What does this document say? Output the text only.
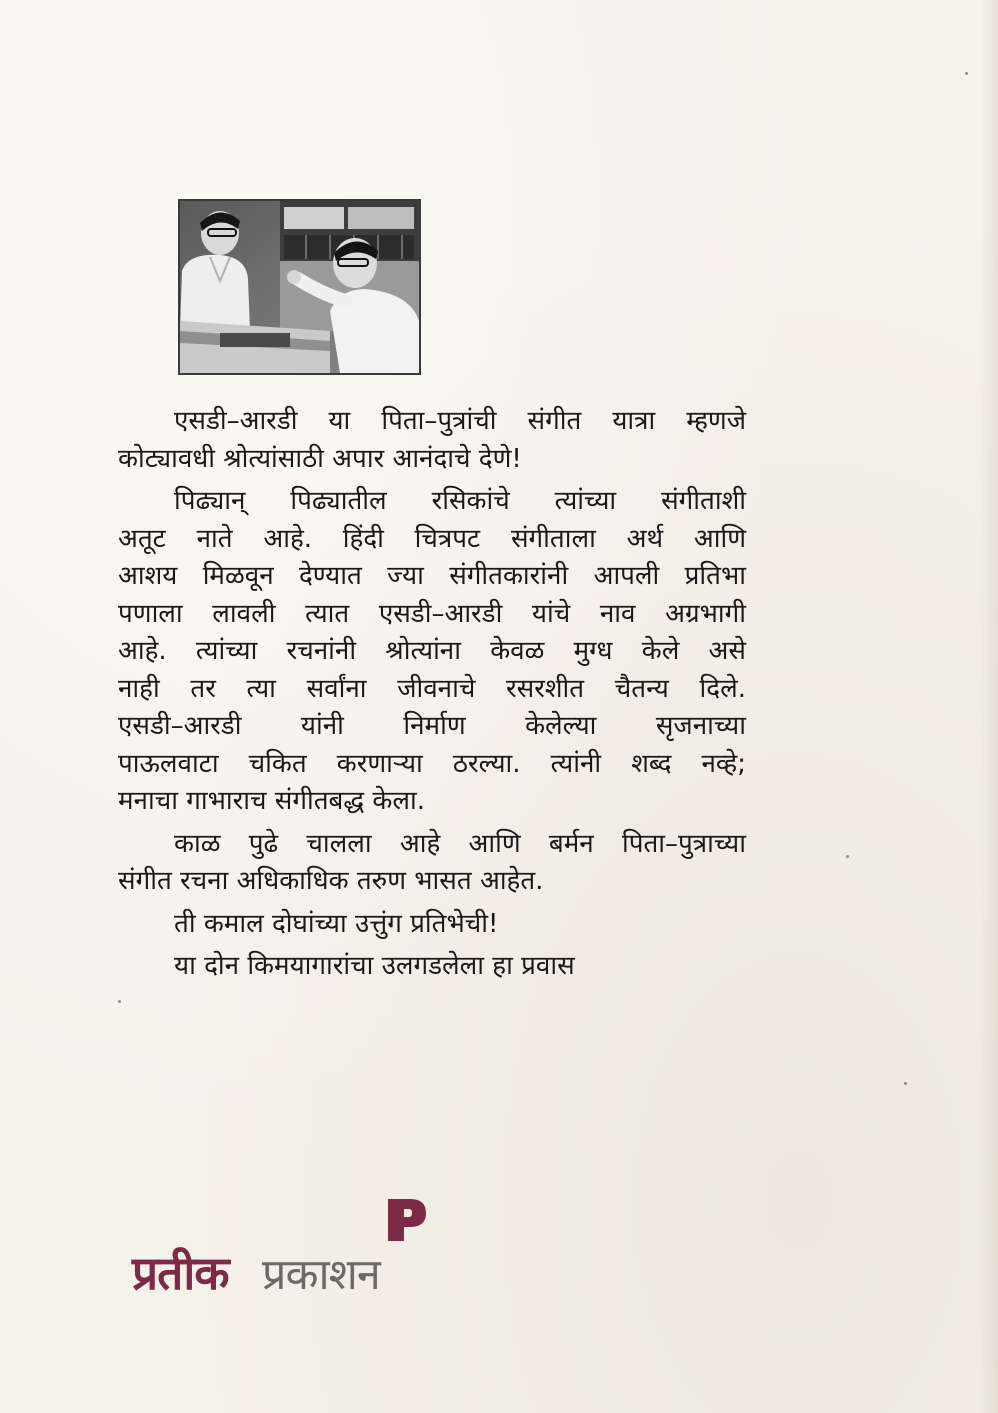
एसडी–आरडी या पिता–पुत्रांची संगीत यात्रा म्हणजे
कोट्यावधी श्रोत्यांसाठी अपार आनंदाचे देणे!
पिढ्यान् पिढ्यातील रसिकांचे त्यांच्या संगीताशी
अतूट नाते आहे. हिंदी चित्रपट संगीताला अर्थ आणि
आशय मिळवून देण्यात ज्या संगीतकारांनी आपली प्रतिभा
पणाला लावली त्यात एसडी–आरडी यांचे नाव अग्रभागी
आहे. त्यांच्या रचनांनी श्रोत्यांना केवळ मुग्ध केले असे
नाही तर त्या सर्वांना जीवनाचे रसरशीत चैतन्य दिले.
एसडी–आरडी यांनी निर्माण केलेल्या सृजनाच्या
पाऊलवाटा चकित करणाऱ्या ठरल्या. त्यांनी शब्द नव्हे;
मनाचा गाभाराच संगीतबद्ध केला.
काळ पुढे चालला आहे आणि बर्मन पिता–पुत्राच्या
संगीत रचना अधिकाधिक तरुण भासत आहेत.
ती कमाल दोघांच्या उत्तुंग प्रतिभेची!
या दोन किमयागारांचा उलगडलेला हा प्रवास
प्रतीक प्रकाशन
